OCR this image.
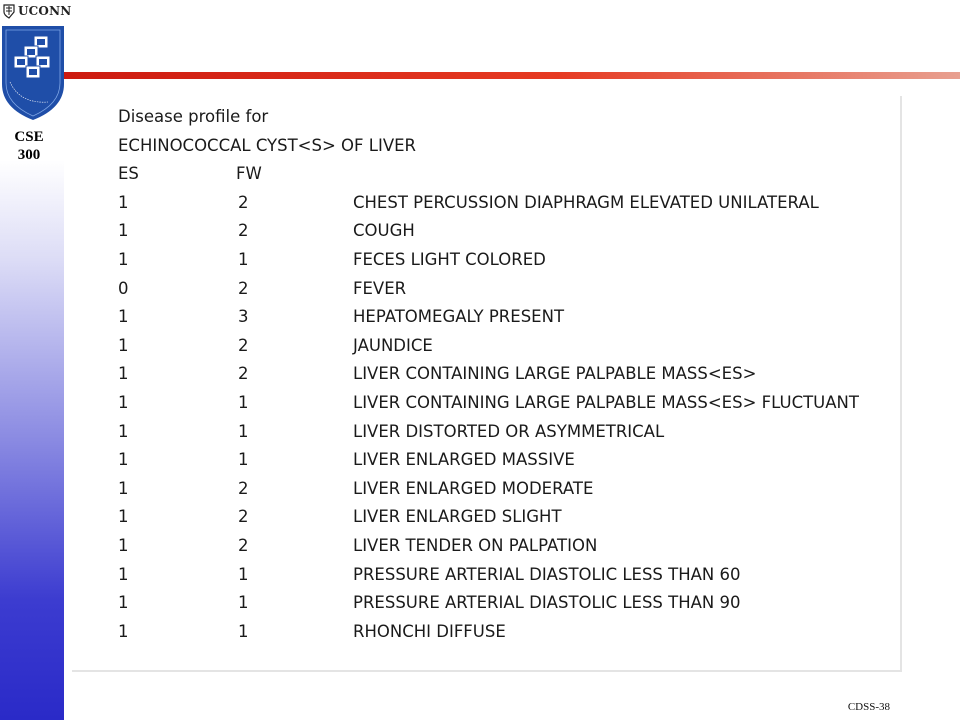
UCONN
CSE
300
Disease profile for
ECHINOCOCCAL CYST<S> OF LIVER
ES	FW
1	2	CHEST PERCUSSION DIAPHRAGM ELEVATED UNILATERAL
1	2	COUGH
1	1	FECES LIGHT COLORED
0	2	FEVER
1	3	HEPATOMEGALY PRESENT
1	2	JAUNDICE
1	2	LIVER CONTAINING LARGE PALPABLE MASS<ES>
1	1	LIVER CONTAINING LARGE PALPABLE MASS<ES> FLUCTUANT
1	1	LIVER DISTORTED OR ASYMMETRICAL
1	1	LIVER ENLARGED MASSIVE
1	2	LIVER ENLARGED MODERATE
1	2	LIVER ENLARGED SLIGHT
1	2	LIVER TENDER ON PALPATION
1	1	PRESSURE ARTERIAL DIASTOLIC LESS THAN 60
1	1	PRESSURE ARTERIAL DIASTOLIC LESS THAN 90
1	1	RHONCHI DIFFUSE
CDSS-38
